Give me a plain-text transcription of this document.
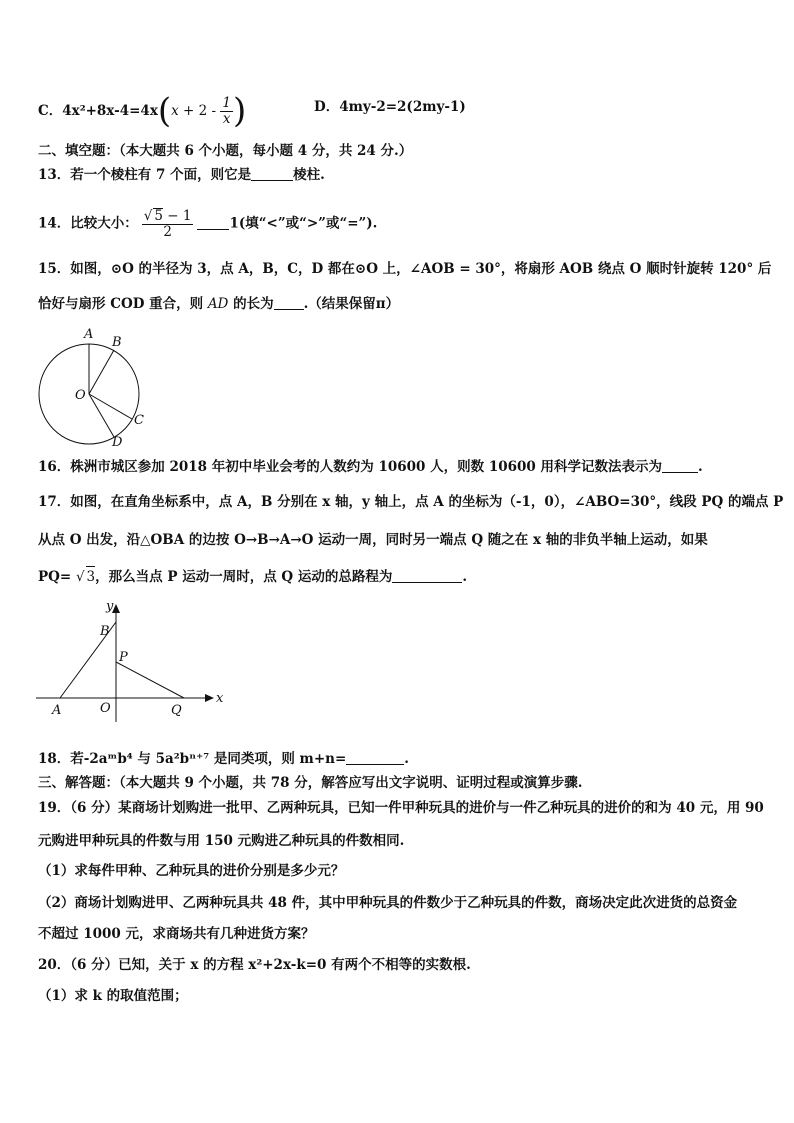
C．$4x^2+8x-4=4x(x + 2 - \frac{1}{x}$ )	D．4my-2=2(2my-1)
二、填空题：（本大题共 6 个小题，每小题 4 分，共 24 分.）
13．若一个棱柱有 7 个面，则它是	棱柱.
14．比较大小： $\frac{√ 5 - 1}{2}$	1(填“<”或“>”或“=”).
15．如图，⊙O 的半径为 3，点 A，B，C，D 都在⊙O 上，∠AOB = 30°，将扇形 AOB 绕点 O 顺时针旋转 120° 后
恰好与扇形 COD 重合，则 AD 的长为 .（结果保留π）
A
B
C
D
O
16．株洲市城区参加 2018 年初中毕业会考的人数约为 10600 人，则数 10600 用科学记数法表示为	.
17．如图，在直角坐标系中，点 A，B 分别在 x 轴，y 轴上，点 A 的坐标为（-1，0），∠ABO=30°，线段 PQ 的端点 P
从点 O 出发，沿△OBA 的边按 O→B→A→O 运动一周，同时另一端点 Q 随之在 x 轴的非负半轴上运动，如果
PQ= √ 3，那么当点 P 运动一周时，点 Q 运动的总路程为	.
y
x
B
P
A	O	Q
18．若-2aᵐb⁴ 与 5a²bⁿ⁺⁷ 是同类项，则 m+n=	.
三、解答题：（本大题共 9 个小题，共 78 分，解答应写出文字说明、证明过程或演算步骤.
19．（6 分）某商场计划购进一批甲、乙两种玩具，已知一件甲种玩具的进价与一件乙种玩具的进价的和为 40 元，用 90
元购进甲种玩具的件数与用 150 元购进乙种玩具的件数相同.
（1）求每件甲种、乙种玩具的进价分别是多少元？
（2）商场计划购进甲、乙两种玩具共 48 件，其中甲种玩具的件数少于乙种玩具的件数，商场决定此次进货的总资金
不超过 1000 元，求商场共有几种进货方案？
20．（6 分）已知，关于 x 的方程 x²+2x-k=0 有两个不相等的实数根.
（1）求 k 的取值范围；
